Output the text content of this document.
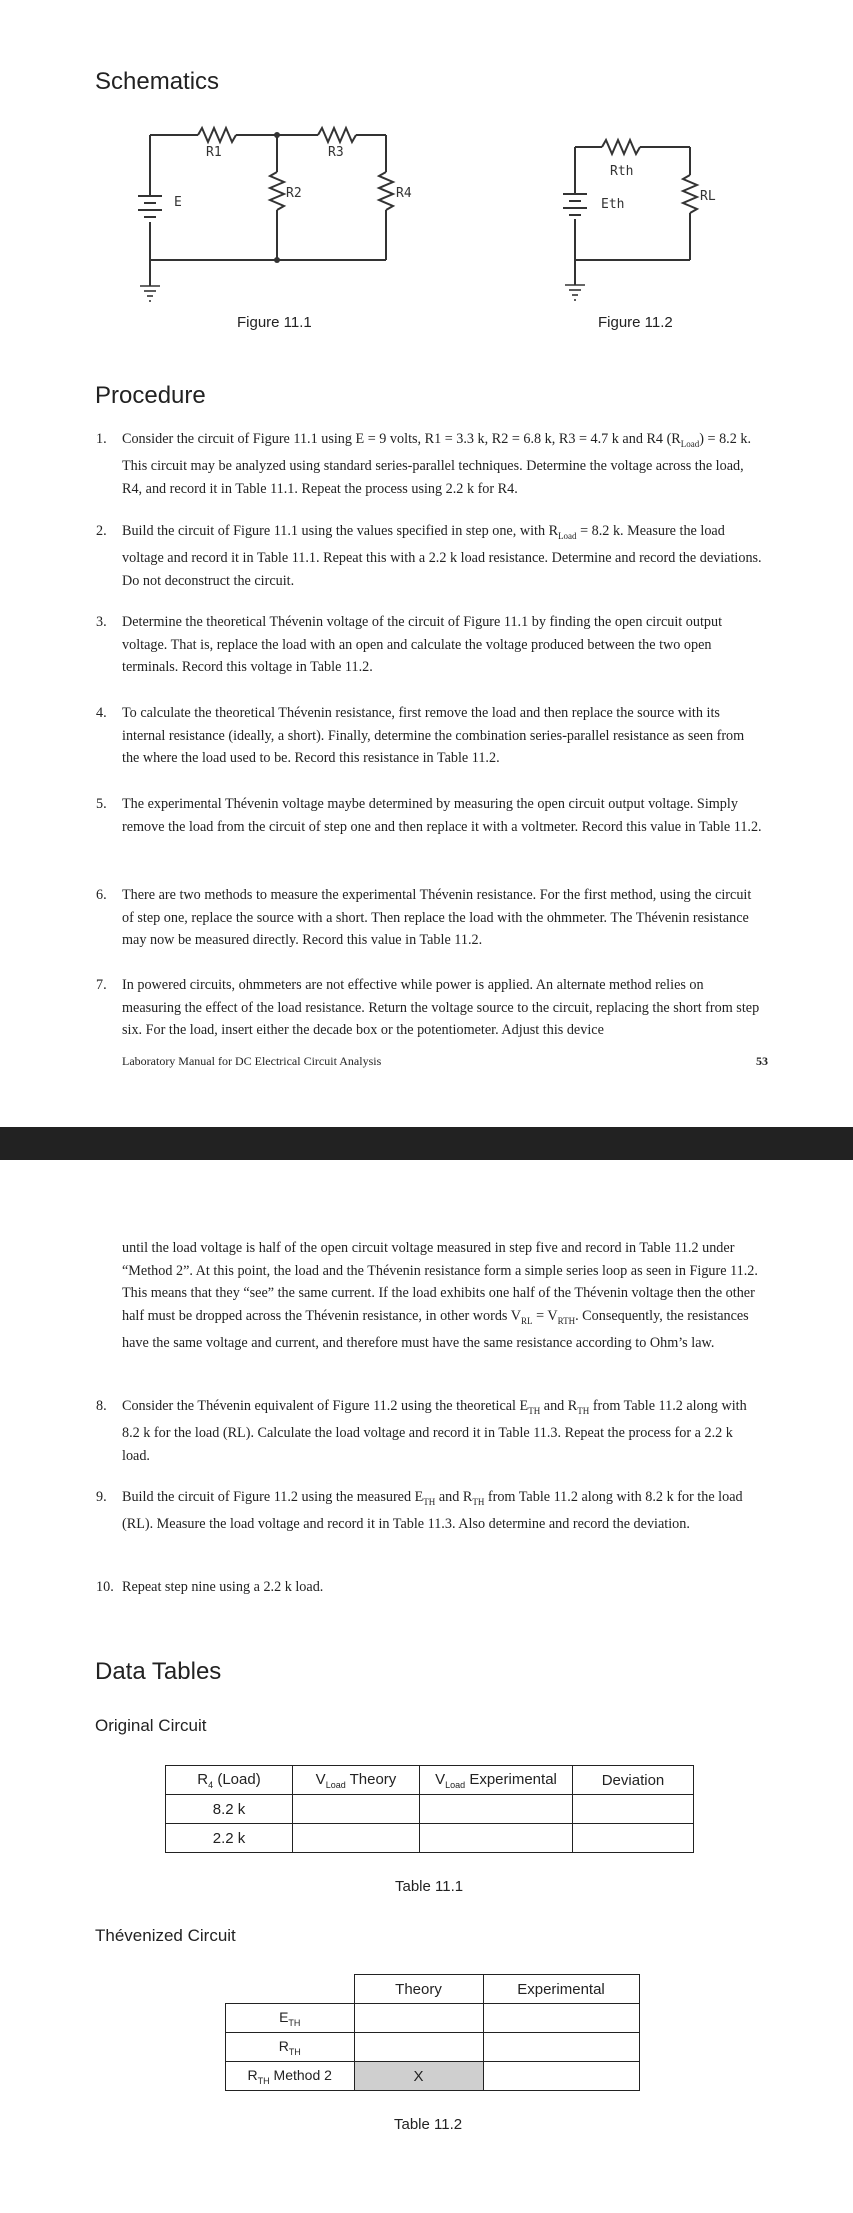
Schematics
R1	R3
E
R2	R4
Figure 11.1
Rth
Eth
RL
Figure 11.2
Procedure
1. Consider the circuit of Figure 11.1 using E = 9 volts, R1 = 3.3 k, R2 = 6.8 k, R3 = 4.7 k and R4 $(R_{Load}) = 8.2$ k. This circuit may be analyzed using standard series-parallel techniques. Determine the voltage across the load, R4, and record it in Table 11.1. Repeat the process using 2.2 k for R4.
2. Build the circuit of Figure 11.1 using the values specified in step one, with $R_{Load} = 8.2$ k. Measure the load voltage and record it in Table 11.1. Repeat this with a 2.2 k load resistance. Determine and record the deviations. Do not deconstruct the circuit.
3. Determine the theoretical Thévenin voltage of the circuit of Figure 11.1 by finding the open circuit output voltage. That is, replace the load with an open and calculate the voltage produced between the two open terminals. Record this voltage in Table 11.2.
4. To calculate the theoretical Thévenin resistance, first remove the load and then replace the source with its internal resistance (ideally, a short). Finally, determine the combination series-parallel resistance as seen from the where the load used to be. Record this resistance in Table 11.2.
5. The experimental Thévenin voltage maybe determined by measuring the open circuit output voltage. Simply remove the load from the circuit of step one and then replace it with a voltmeter. Record this value in Table 11.2.
6. There are two methods to measure the experimental Thévenin resistance. For the first method, using the circuit of step one, replace the source with a short. Then replace the load with the ohmmeter. The Thévenin resistance may now be measured directly. Record this value in Table 11.2.
7. In powered circuits, ohmmeters are not effective while power is applied. An alternate method relies on measuring the effect of the load resistance. Return the voltage source to the circuit, replacing the short from step six. For the load, insert either the decade box or the potentiometer. Adjust this device
Laboratory Manual for DC Electrical Circuit Analysis	53
until the load voltage is half of the open circuit voltage measured in step five and record in Table 11.2 under “Method 2”. At this point, the load and the Thévenin resistance form a simple series loop as seen in Figure 11.2. This means that they “see” the same current. If the load exhibits one half of the Thévenin voltage then the other half must be dropped across the Thévenin resistance, in other words $V_{RL} = V_{RTH}$. Consequently, the resistances have the same voltage and current, and therefore must have the same resistance according to Ohm’s law.
8. Consider the Thévenin equivalent of Figure 11.2 using the theoretical $E_{TH}$ and $R_{TH}$ from Table 11.2 along with 8.2 k for the load (RL). Calculate the load voltage and record it in Table 11.3. Repeat the process for a 2.2 k load.
9. Build the circuit of Figure 11.2 using the measured $E_{TH}$ and $R_{TH}$ from Table 11.2 along with 8.2 k for the load (RL). Measure the load voltage and record it in Table 11.3. Also determine and record the deviation.
10. Repeat step nine using a 2.2 k load.
Data Tables
Original Circuit
$R_4$ (Load)	$V_{Load}$ Theory	$V_{Load}$ Experimental	Deviation
8.2 k			
2.2 k			
Table 11.1
Thévenized Circuit
	Theory	Experimental
$E_{TH}$		
$R_{TH}$		
$R_{TH}$ Method 2	X	
Table 11.2
